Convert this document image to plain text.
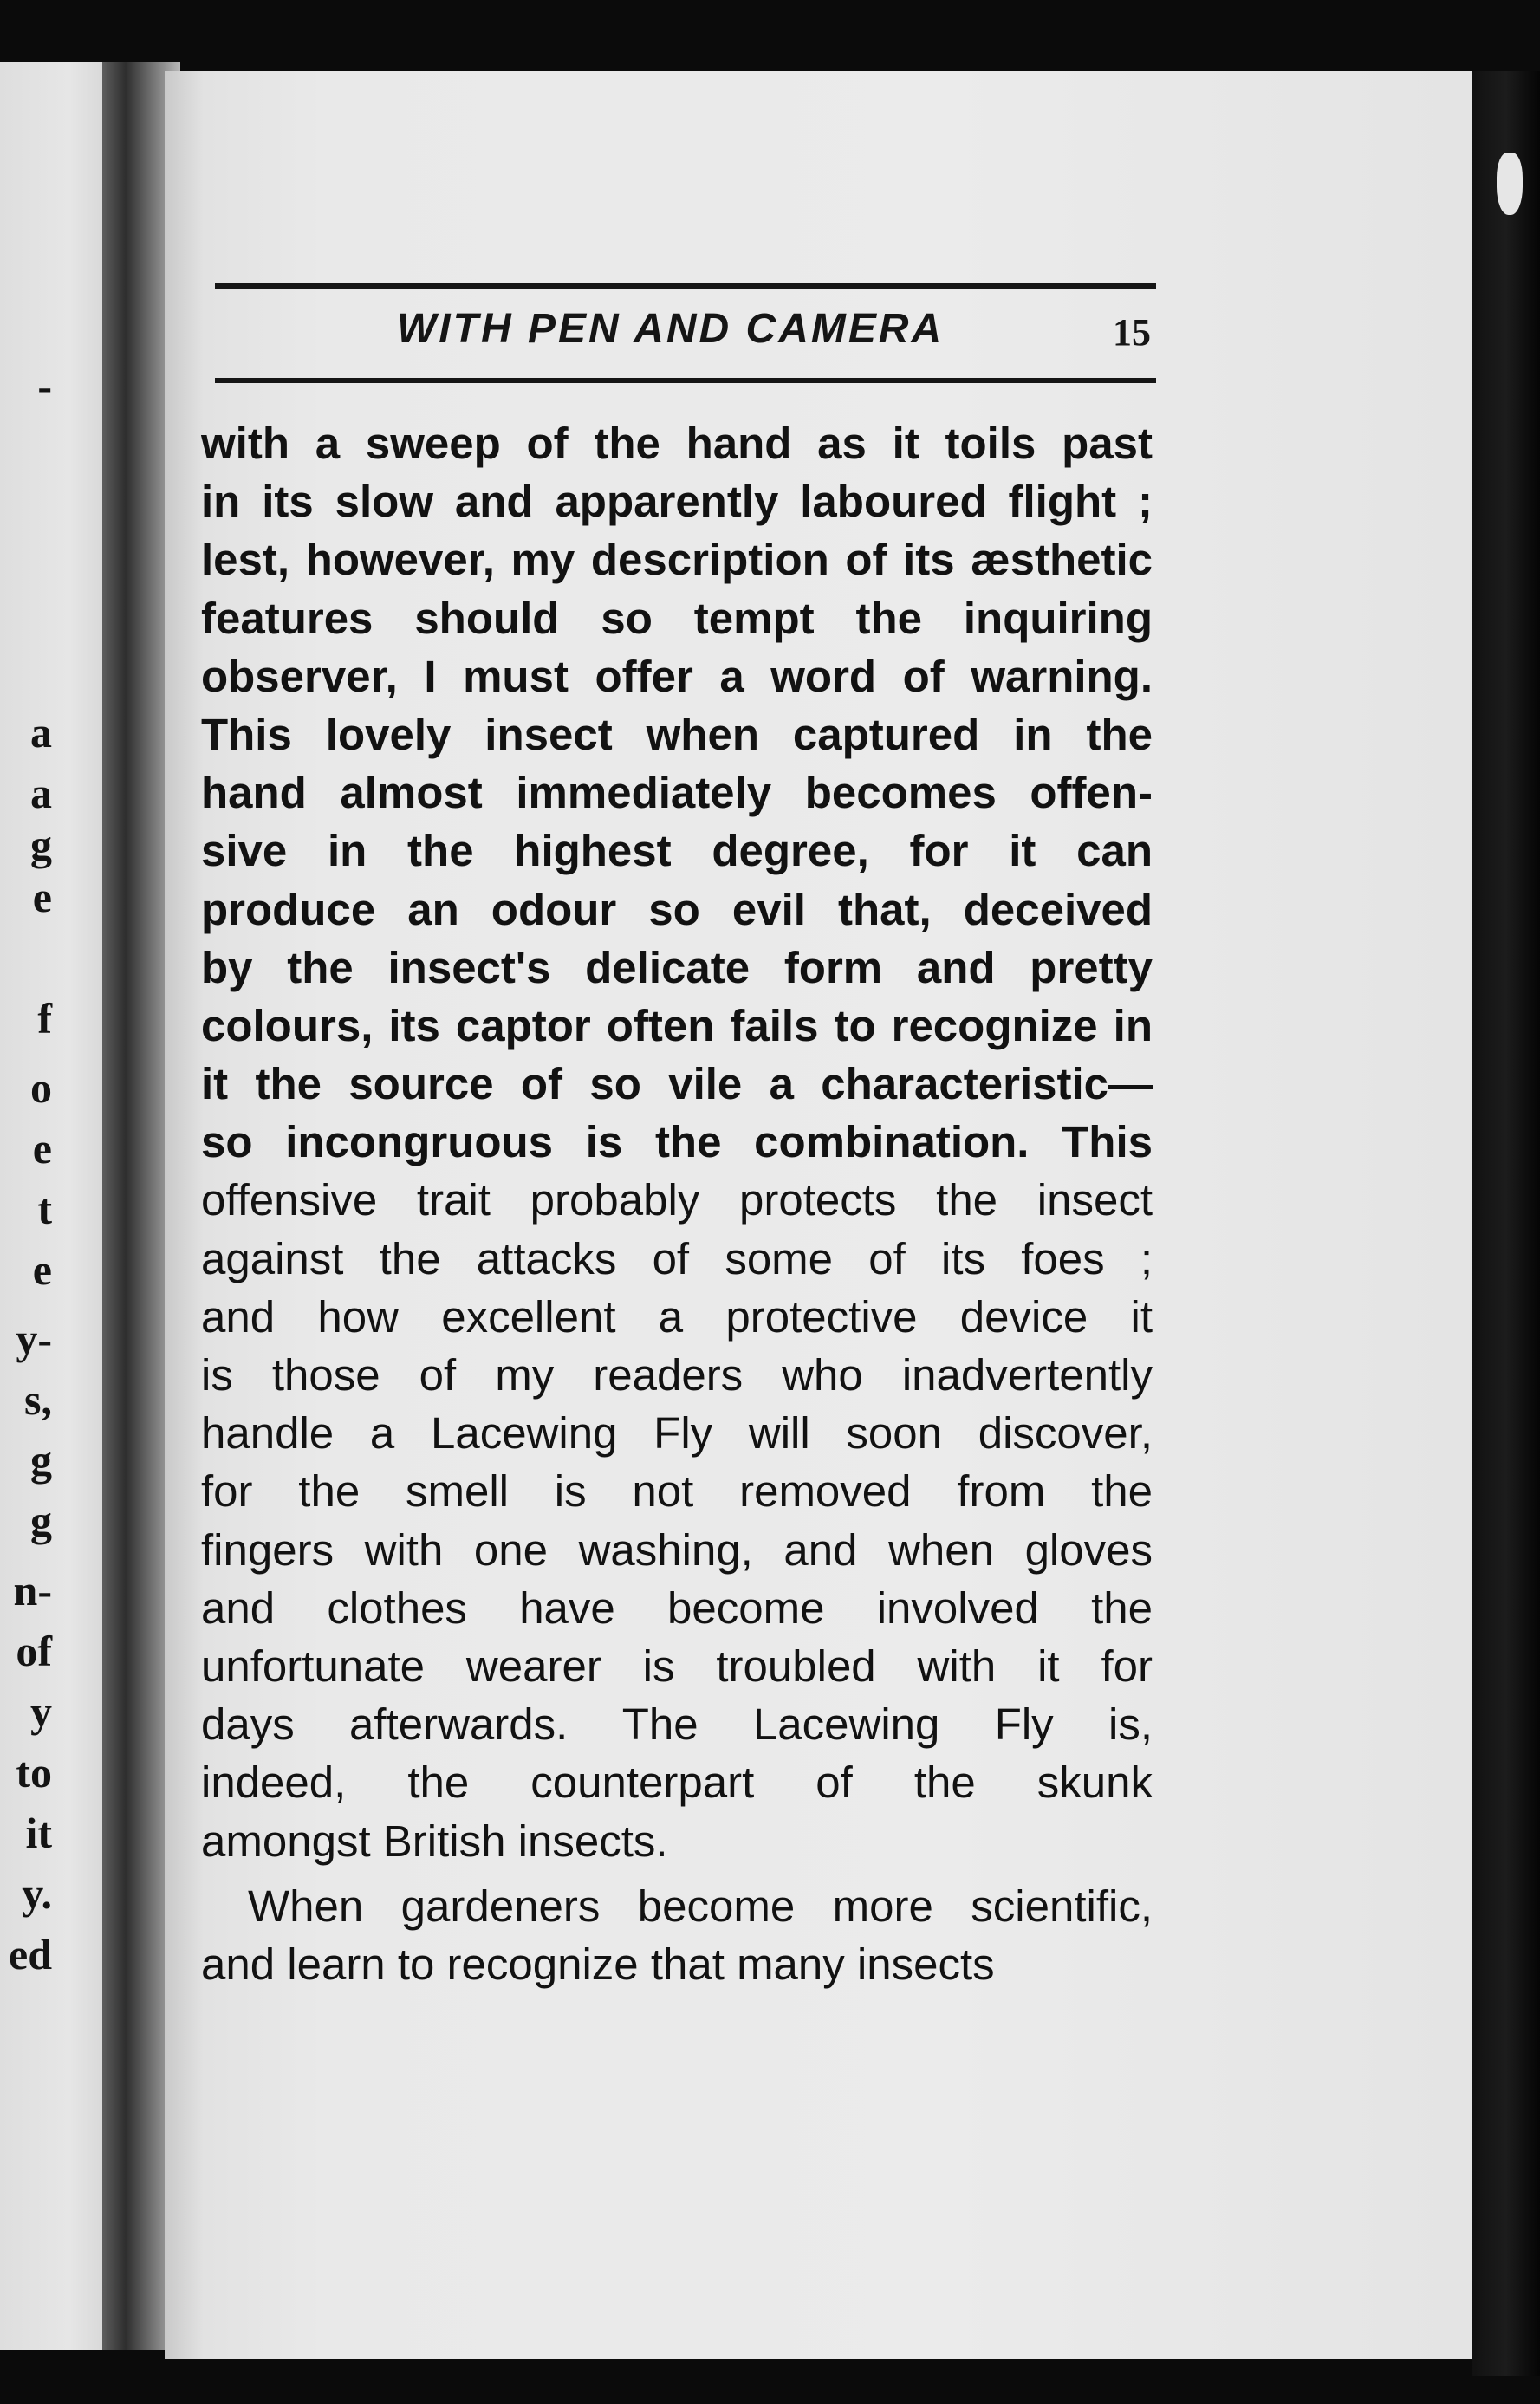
-
a
a
g
e
f
o
e
t
e
y-
s,
g
g
n-
of
y
to
it
y.
ed
WITH PEN AND CAMERA	15
with a sweep of the hand as it toils past
in its slow and apparently laboured flight ;
lest, however, my description of its æsthetic
features should so tempt the inquiring
observer, I must offer a word of warning.
This lovely insect when captured in the
hand almost immediately becomes offen-
sive in the highest degree, for it can
produce an odour so evil that, deceived
by the insect's delicate form and pretty
colours, its captor often fails to recognize in
it the source of so vile a characteristic—
so incongruous is the combination. This
offensive trait probably protects the insect
against the attacks of some of its foes ;
and how excellent a protective device it
is those of my readers who inadvertently
handle a Lacewing Fly will soon discover,
for the smell is not removed from the
fingers with one washing, and when gloves
and clothes have become involved the
unfortunate wearer is troubled with it for
days afterwards. The Lacewing Fly is,
indeed, the counterpart of the skunk
amongst British insects.
When gardeners become more scientific,
and learn to recognize that many insects
